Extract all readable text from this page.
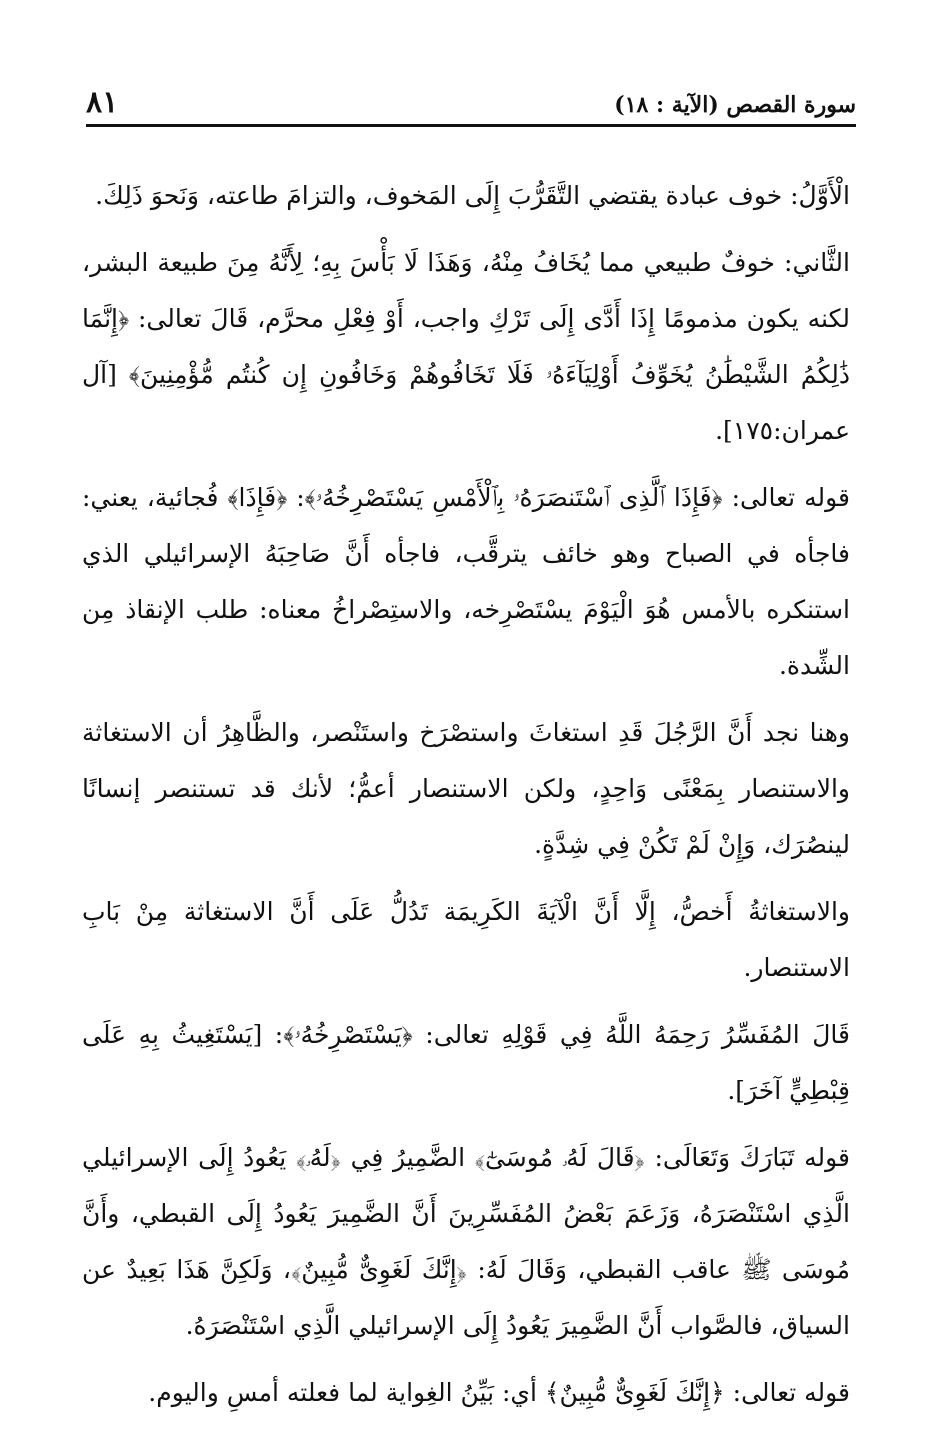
٨١	سورة القصص (الآية : ١٨)

الْأَوَّلُ: خوف عبادة يقتضي التَّقَرُّبَ إِلَى المَخوف، والتزامَ طاعته، وَنَحوَ ذَلِكَ.

الثَّاني: خوفٌ طبيعي مما يُخَافُ مِنْهُ، وَهَذَا لَا بَأْسَ بِهِ؛ لِأَنَّهُ مِنَ طبيعة البشر، لكنه يكون مذمومًا إِذَا أَدَّى إِلَى تَرْكِ واجب، أَوْ فِعْلِ محرَّم، قَالَ تعالى: ﴿إِنَّمَا ذَٰلِكُمُ الشَّيْطَٰنُ يُخَوِّفُ أَوْلِيَآءَهُۥ فَلَا تَخَافُوهُمْ وَخَافُونِ إِن كُنتُم مُّؤْمِنِينَ﴾ [آل عمران:١٧٥].

قوله تعالى: ﴿فَإِذَا ٱلَّذِى ٱسْتَنصَرَهُۥ بِٱلْأَمْسِ يَسْتَصْرِخُهُۥ﴾: ﴿فَإِذَا﴾ فُجائية، يعني: فاجأه في الصباح وهو خائف يترقَّب، فاجأه أَنَّ صَاحِبَهُ الإسرائيلي الذي استنكره بالأمس هُوَ الْيَوْمَ يسْتَصْرِخه، والاستِصْراخُ معناه: طلب الإنقاذ مِن الشِّدة.

وهنا نجد أَنَّ الرَّجُلَ قَدِ استغاثَ واستصْرَخ واستَنْصر، والظَّاهِرُ أن الاستغاثة والاستنصار بِمَعْنًى وَاحِدٍ، ولكن الاستنصار أعمُّ؛ لأنك قد تستنصر إنسانًا لينصُرَك، وَإِنْ لَمْ تَكُنْ فِي شِدَّةٍ.

والاستغاثةُ أَخصُّ، إِلَّا أَنَّ الْآيَةَ الكَرِيمَة تَدُلُّ عَلَى أَنَّ الاستغاثة مِنْ بَابِ الاستنصار.

قَالَ المُفَسِّرُ رَحِمَهُ اللَّهُ فِي قَوْلِهِ تعالى: ﴿يَسْتَصْرِخُهُۥ﴾: [يَسْتَغِيثُ بِهِ عَلَى قِبْطِيٍّ آخَرَ].

قوله تَبَارَكَ وَتَعَالَى: ﴿قَالَ لَهُۥ مُوسَىٰٓ﴾ الضَّمِيرُ فِي ﴿لَهُۥ﴾ يَعُودُ إِلَى الإسرائيلي الَّذِي اسْتَنْصَرَهُ، وَزَعَمَ بَعْضُ المُفَسِّرِينَ أَنَّ الضَّمِيرَ يَعُودُ إِلَى القبطي، وأَنَّ مُوسَى ﷺ عاقب القبطي، وَقَالَ لَهُ: ﴿إِنَّكَ لَغَوِىٌّ مُّبِينٌ﴾، وَلَكِنَّ هَذَا بَعِيدٌ عن السياق، فالصَّواب أَنَّ الضَّمِيرَ يَعُودُ إِلَى الإسرائيلي الَّذِي اسْتَنْصَرَهُ.

قوله تعالى: ﴿إِنَّكَ لَغَوِىٌّ مُّبِينٌ﴾ أي: بَيِّنُ الغِواية لما فعلته أمسِ واليوم.
